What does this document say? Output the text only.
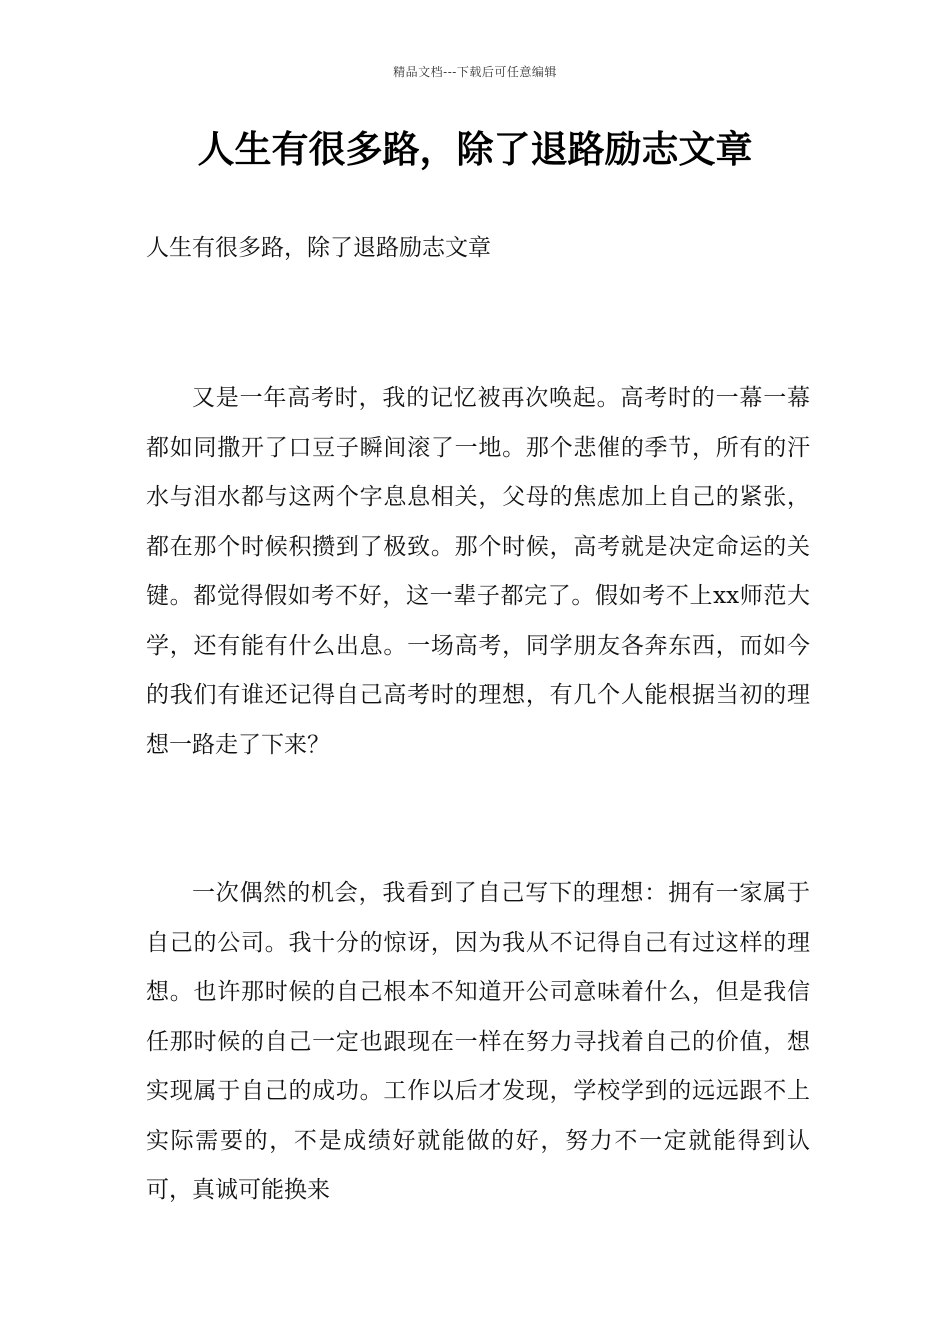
精品文档---下载后可任意编辑
人生有很多路，除了退路励志文章

人生有很多路，除了退路励志文章

又是一年高考时，我的记忆被再次唤起。高考时的一幕一幕都如同撒开了口豆子瞬间滚了一地。那个悲催的季节，所有的汗水与泪水都与这两个字息息相关，父母的焦虑加上自己的紧张，都在那个时候积攒到了极致。那个时候，高考就是决定命运的关键。都觉得假如考不好，这一辈子都完了。假如考不上xx师范大学，还有能有什么出息。一场高考，同学朋友各奔东西，而如今的我们有谁还记得自己高考时的理想，有几个人能根据当初的理想一路走了下来？

一次偶然的机会，我看到了自己写下的理想：拥有一家属于自己的公司。我十分的惊讶，因为我从不记得自己有过这样的理想。也许那时候的自己根本不知道开公司意味着什么，但是我信任那时候的自己一定也跟现在一样在努力寻找着自己的价值，想实现属于自己的成功。工作以后才发现，学校学到的远远跟不上实际需要的，不是成绩好就能做的好，努力不一定就能得到认可，真诚可能换来
